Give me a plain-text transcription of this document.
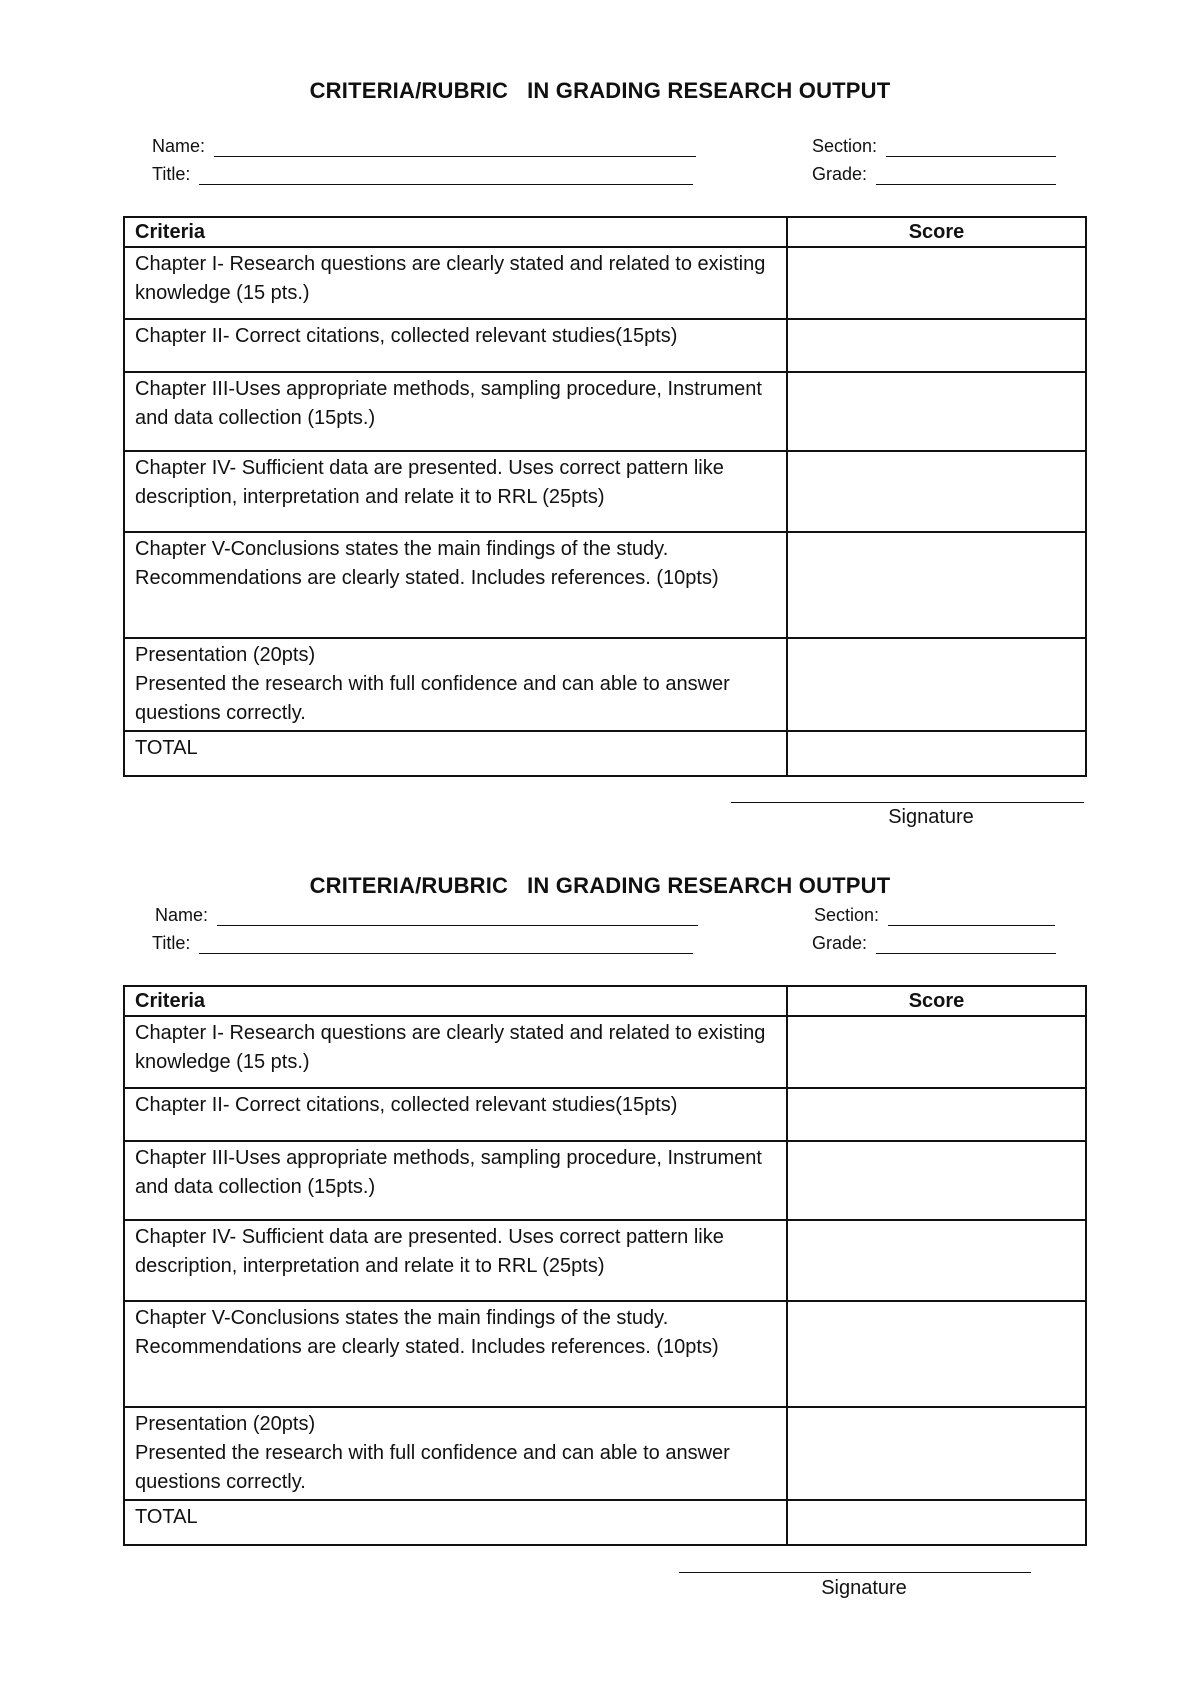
CRITERIA/RUBRIC   IN GRADING RESEARCH OUTPUT
Name:	Section:
Title:	Grade:
Criteria	Score
Chapter I- Research questions are clearly stated and related to existing knowledge (15 pts.)	
Chapter II- Correct citations, collected relevant studies(15pts)	
Chapter III-Uses appropriate methods, sampling procedure, Instrument and data collection (15pts.)	
Chapter IV- Sufficient data are presented. Uses correct pattern like description, interpretation and relate it to RRL (25pts)	
Chapter V-Conclusions states the main findings of the study. Recommendations are clearly stated. Includes references. (10pts)	

Presentation (20pts)
Presented the research with full confidence and can able to answer questions correctly.	

TOTAL	
Signature
CRITERIA/RUBRIC   IN GRADING RESEARCH OUTPUT
Name:	Section:
Title:	Grade:
Criteria	Score
Chapter I- Research questions are clearly stated and related to existing knowledge (15 pts.)	
Chapter II- Correct citations, collected relevant studies(15pts)	
Chapter III-Uses appropriate methods, sampling procedure, Instrument and data collection (15pts.)	
Chapter IV- Sufficient data are presented. Uses correct pattern like description, interpretation and relate it to RRL (25pts)	
Chapter V-Conclusions states the main findings of the study. Recommendations are clearly stated. Includes references. (10pts)	

Presentation (20pts)
Presented the research with full confidence and can able to answer questions correctly.	

TOTAL	
Signature
